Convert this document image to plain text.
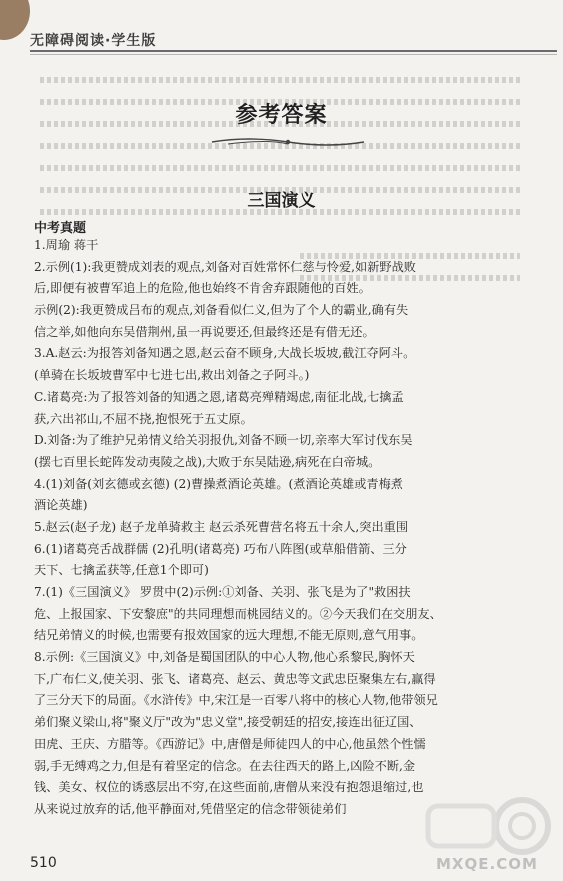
无障碍阅读·学生版
参考答案
三国演义
中考真题
1.周瑜 蒋干
2.示例(1):我更赞成刘表的观点,刘备对百姓常怀仁慈与怜爱,如新野战败
后,即便有被曹军追上的危险,他也始终不肯舍弃跟随他的百姓。
示例(2):我更赞成吕布的观点,刘备看似仁义,但为了个人的霸业,确有失
信之举,如他向东吴借荆州,虽一再说要还,但最终还是有借无还。
3.A.赵云:为报答刘备知遇之恩,赵云奋不顾身,大战长坂坡,截江夺阿斗。
(单骑在长坂坡曹军中七进七出,救出刘备之子阿斗。)
C.诸葛亮:为了报答刘备的知遇之恩,诸葛亮殚精竭虑,南征北战,七擒孟
获,六出祁山,不屈不挠,抱恨死于五丈原。
D.刘备:为了维护兄弟情义给关羽报仇,刘备不顾一切,亲率大军讨伐东吴
(摆七百里长蛇阵发动夷陵之战),大败于东吴陆逊,病死在白帝城。
4.(1)刘备(刘玄德或玄德) (2)曹操煮酒论英雄。(煮酒论英雄或青梅煮
酒论英雄)
5.赵云(赵子龙) 赵子龙单骑救主 赵云杀死曹营名将五十余人,突出重围
6.(1)诸葛亮舌战群儒 (2)孔明(诸葛亮) 巧布八阵图(或草船借箭、三分
天下、七擒孟获等,任意1个即可)
7.(1)《三国演义》 罗贯中(2)示例:①刘备、关羽、张飞是为了"救困扶
危、上报国家、下安黎庶"的共同理想而桃园结义的。②今天我们在交朋友、
结兄弟情义的时候,也需要有报效国家的远大理想,不能无原则,意气用事。
8.示例:《三国演义》中,刘备是蜀国团队的中心人物,他心系黎民,胸怀天
下,广布仁义,使关羽、张飞、诸葛亮、赵云、黄忠等文武忠臣聚集左右,赢得
了三分天下的局面。《水浒传》中,宋江是一百零八将中的核心人物,他带领兄
弟们聚义梁山,将"聚义厅"改为"忠义堂",接受朝廷的招安,接连出征辽国、
田虎、王庆、方腊等。《西游记》中,唐僧是师徒四人的中心,他虽然个性懦
弱,手无缚鸡之力,但是有着坚定的信念。在去往西天的路上,凶险不断,金
钱、美女、权位的诱惑层出不穷,在这些面前,唐僧从来没有抱怨退缩过,也
从来说过放弃的话,他平静面对,凭借坚定的信念带领徒弟们
510	MXQE.COM
